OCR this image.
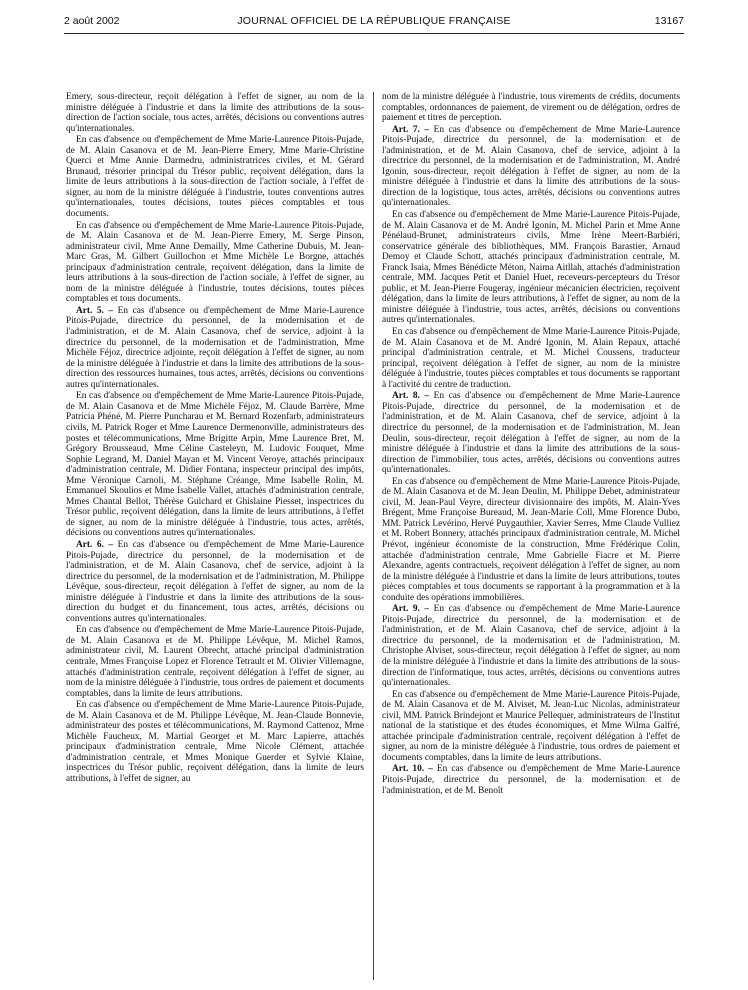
2 août 2002	JOURNAL OFFICIEL DE LA RÉPUBLIQUE FRANÇAISE	13167

Emery, sous-directeur, reçoit délégation à l'effet de signer, au nom de la ministre déléguée à l'industrie et dans la limite des attributions de la sous-direction de l'action sociale, tous actes, arrêtés, décisions ou conventions autres qu'internationales.

En cas d'absence ou d'empêchement de Mme Marie-Laurence Pitois-Pujade, de M. Alain Casanova et de M. Jean-Pierre Emery, Mme Marie-Christine Querci et Mme Annie Darmedru, administratrices civiles, et M. Gérard Brunaud, trésorier principal du Trésor public, reçoivent délégation, dans la limite de leurs attributions à la sous-direction de l'action sociale, à l'effet de signer, au nom de la ministre déléguée à l'industrie, toutes conventions autres qu'internationales, toutes décisions, toutes pièces comptables et tous documents.

En cas d'absence ou d'empêchement de Mme Marie-Laurence Pitois-Pujade, de M. Alain Casanova et de M. Jean-Pierre Emery, M. Serge Pinson, administrateur civil, Mme Anne Demailly, Mme Catherine Dubuis, M. Jean-Marc Gras, M. Gilbert Guillochon et Mme Michèle Le Borgne, attachés principaux d'administration centrale, reçoivent délégation, dans la limite de leurs attributions à la sous-direction de l'action sociale, à l'effet de signer, au nom de la ministre déléguée à l'industrie, toutes décisions, toutes pièces comptables et tous documents.

Art. 5. – En cas d'absence ou d'empêchement de Mme Marie-Laurence Pitois-Pujade, directrice du personnel, de la modernisation et de l'administration, et de M. Alain Casanova, chef de service, adjoint à la directrice du personnel, de la modernisation et de l'administration, Mme Michèle Féjoz, directrice adjointe, reçoit délégation à l'effet de signer, au nom de la ministre déléguée à l'industrie et dans la limite des attributions de la sous-direction des ressources humaines, tous actes, arrêtés, décisions ou conventions autres qu'internationales.

En cas d'absence ou d'empêchement de Mme Marie-Laurence Pitois-Pujade, de M. Alain Casanova et de Mme Michèle Féjoz, M. Claude Barrère, Mme Patricia Phéné, M. Pierre Puncharau et M. Bernard Rozenfarb, administrateurs civils, M. Patrick Roger et Mme Laurence Dermenonville, administrateurs des postes et télécommunications, Mme Brigitte Arpin, Mme Laurence Bret, M. Grégory Brousseaud, Mme Céline Casteleyn, M. Ludovic Fouquet, Mme Sophie Legrand, M. Daniel Mayan et M. Vincent Veroye, attachés principaux d'administration centrale, M. Didier Fontana, inspecteur principal des impôts, Mme Véronique Carnoli, M. Stéphane Créange, Mme Isabelle Rolin, M. Emmanuel Skoulios et Mme Isabelle Vallet, attachés d'administration centrale, Mmes Chantal Bellot, Thérèse Guichard et Ghislaine Piesset, inspectrices du Trésor public, reçoivent délégation, dans la limite de leurs attributions, à l'effet de signer, au nom de la ministre déléguée à l'industrie, tous actes, arrêtés, décisions ou conventions autres qu'internationales.

Art. 6. – En cas d'absence ou d'empêchement de Mme Marie-Laurence Pitois-Pujade, directrice du personnel, de la modernisation et de l'administration, et de M. Alain Casanova, chef de service, adjoint à la directrice du personnel, de la modernisation et de l'administration, M. Philippe Lévêque, sous-directeur, reçoit délégation à l'effet de signer, au nom de la ministre déléguée à l'industrie et dans la limite des attributions de la sous-direction du budget et du financement, tous actes, arrêtés, décisions ou conventions autres qu'internationales.

En cas d'absence ou d'empêchement de Mme Marie-Laurence Pitois-Pujade, de M. Alain Casanova et de M. Philippe Lévêque, M. Michel Ramos, administrateur civil, M. Laurent Obrecht, attaché principal d'administration centrale, Mmes Françoise Lopez et Florence Tetrault et M. Olivier Villemagne, attachés d'administration centrale, reçoivent délégation à l'effet de signer, au nom de la ministre déléguée à l'industrie, tous ordres de paiement et documents comptables, dans la limite de leurs attributions.

En cas d'absence ou d'empêchement de Mme Marie-Laurence Pitois-Pujade, de M. Alain Casanova et de M. Philippe Lévêque, M. Jean-Claude Bonnevie, administrateur des postes et télécommunications, M. Raymond Cattenoz, Mme Michèle Faucheux, M. Martial Georget et M. Marc Lapierre, attachés principaux d'administration centrale, Mme Nicole Clément, attachée d'administration centrale, et Mmes Monique Guerder et Sylvie Klaine, inspectrices du Trésor public, reçoivent délégation, dans la limite de leurs attributions, à l'effet de signer, au

nom de la ministre déléguée à l'industrie, tous virements de crédits, documents comptables, ordonnances de paiement, de virement ou de délégation, ordres de paiement et titres de perception.

Art. 7. – En cas d'absence ou d'empêchement de Mme Marie-Laurence Pitois-Pujade, directrice du personnel, de la modernisation et de l'administration, et de M. Alain Casanova, chef de service, adjoint à la directrice du personnel, de la modernisation et de l'administration, M. André Igonin, sous-directeur, reçoit délégation à l'effet de signer, au nom de la ministre déléguée à l'industrie et dans la limite des attributions de la sous-direction de la logistique, tous actes, arrêtés, décisions ou conventions autres qu'internationales.

En cas d'absence ou d'empêchement de Mme Marie-Laurence Pitois-Pujade, de M. Alain Casanova et de M. André Igonin, M. Michel Parin et Mme Anne Pénélaud-Brunet, administrateurs civils, Mme Irène Meert-Barbiéri, conservatrice générale des bibliothèques, MM. François Barastier, Arnaud Demoy et Claude Schott, attachés principaux d'administration centrale, M. Franck Isaia, Mmes Bénédicte Méton, Naima Aitllah, attachés d'administration centrale, MM. Jacques Petit et Daniel Huet, receveurs-percepteurs du Trésor public, et M. Jean-Pierre Fougeray, ingénieur mécanicien électricien, reçoivent délégation, dans la limite de leurs attributions, à l'effet de signer, au nom de la ministre déléguée à l'industrie, tous actes, arrêtés, décisions ou conventions autres qu'internationales.

En cas d'absence ou d'empêchement de Mme Marie-Laurence Pitois-Pujade, de M. Alain Casanova et de M. André Igonin, M. Alain Repaux, attaché principal d'administration centrale, et M. Michel Coussens, traducteur principal, reçoivent délégation à l'effet de signer, au nom de la ministre déléguée à l'industrie, toutes pièces comptables et tous documents se rapportant à l'activité du centre de traduction.

Art. 8. – En cas d'absence ou d'empêchement de Mme Marie-Laurence Pitois-Pujade, directrice du personnel, de la modernisation et de l'administration, et de M. Alain Casanova, chef de service, adjoint à la directrice du personnel, de la modernisation et de l'administration, M. Jean Deulin, sous-directeur, reçoit délégation à l'effet de signer, au nom de la ministre déléguée à l'industrie et dans la limite des attributions de la sous-direction de l'immobilier, tous actes, arrêtés, décisions ou conventions autres qu'internationales.

En cas d'absence ou d'empêchement de Mme Marie-Laurence Pitois-Pujade, de M. Alain Casanova et de M. Jean Deulin, M. Philippe Debet, administrateur civil, M. Jean-Paul Veyre, directeur divisionnaire des impôts, M. Alain-Yves Brégent, Mme Françoise Bureaud, M. Jean-Marie Coll, Mme Florence Dubo, MM. Patrick Levérino, Hervé Puygauthier, Xavier Serres, Mme Claude Vulliez et M. Robert Bonnery, attachés principaux d'administration centrale, M. Michel Prévot, ingénieur économiste de la construction, Mme Frédérique Colin, attachée d'administration centrale, Mme Gabrielle Fiacre et M. Pierre Alexandre, agents contractuels, reçoivent délégation à l'effet de signer, au nom de la ministre déléguée à l'industrie et dans la limite de leurs attributions, toutes pièces comptables et tous documents se rapportant à la programmation et à la conduite des opérations immobilières.

Art. 9. – En cas d'absence ou d'empêchement de Mme Marie-Laurence Pitois-Pujade, directrice du personnel, de la modernisation et de l'administration, et de M. Alain Casanova, chef de service, adjoint à la directrice du personnel, de la modernisation et de l'administration, M. Christophe Alviset, sous-directeur, reçoit délégation à l'effet de signer, au nom de la ministre déléguée à l'industrie et dans la limite des attributions de la sous-direction de l'informatique, tous actes, arrêtés, décisions ou conventions autres qu'internationales.

En cas d'absence ou d'empêchement de Mme Marie-Laurence Pitois-Pujade, de M. Alain Casanova et de M. Alviset, M. Jean-Luc Nicolas, administrateur civil, MM. Patrick Brindejont et Maurice Pellequer, administrateurs de l'Institut national de la statistique et des études économiques, et Mme Wilma Galfré, attachée principale d'administration centrale, reçoivent délégation à l'effet de signer, au nom de la ministre déléguée à l'industrie, tous ordres de paiement et documents comptables, dans la limite de leurs attributions.

Art. 10. – En cas d'absence ou d'empêchement de Mme Marie-Laurence Pitois-Pujade, directrice du personnel, de la modernisation et de l'administration, et de M. Benoît
